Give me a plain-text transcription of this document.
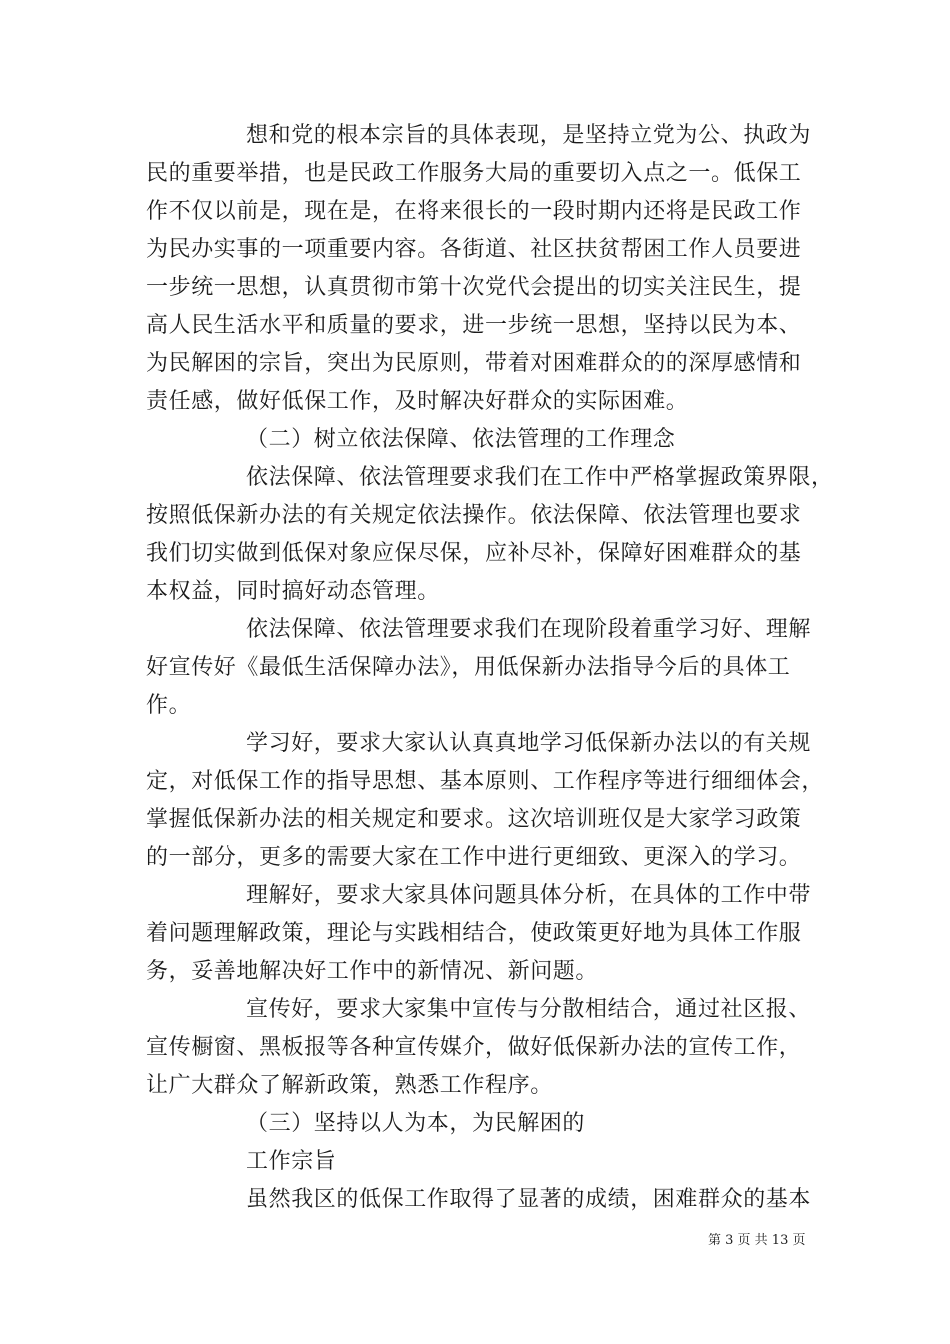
想和党的根本宗旨的具体表现，是坚持立党为公、执政为
民的重要举措，也是民政工作服务大局的重要切入点之一。低保工
作不仅以前是，现在是，在将来很长的一段时期内还将是民政工作
为民办实事的一项重要内容。各街道、社区扶贫帮困工作人员要进
一步统一思想，认真贯彻市第十次党代会提出的切实关注民生，提
高人民生活水平和质量的要求，进一步统一思想，坚持以民为本、
为民解困的宗旨，突出为民原则，带着对困难群众的的深厚感情和
责任感，做好低保工作，及时解决好群众的实际困难。
（二）树立依法保障、依法管理的工作理念
依法保障、依法管理要求我们在工作中严格掌握政策界限，
按照低保新办法的有关规定依法操作。依法保障、依法管理也要求
我们切实做到低保对象应保尽保，应补尽补，保障好困难群众的基
本权益，同时搞好动态管理。
依法保障、依法管理要求我们在现阶段着重学习好、理解
好宣传好《最低生活保障办法》，用低保新办法指导今后的具体工
作。
学习好，要求大家认认真真地学习低保新办法以的有关规
定，对低保工作的指导思想、基本原则、工作程序等进行细细体会，
掌握低保新办法的相关规定和要求。这次培训班仅是大家学习政策
的一部分，更多的需要大家在工作中进行更细致、更深入的学习。
理解好，要求大家具体问题具体分析，在具体的工作中带
着问题理解政策，理论与实践相结合，使政策更好地为具体工作服
务，妥善地解决好工作中的新情况、新问题。
宣传好，要求大家集中宣传与分散相结合，通过社区报、
宣传橱窗、黑板报等各种宣传媒介，做好低保新办法的宣传工作，
让广大群众了解新政策，熟悉工作程序。
（三）坚持以人为本，为民解困的
工作宗旨
虽然我区的低保工作取得了显著的成绩，困难群众的基本
第 3 页 共 13 页
